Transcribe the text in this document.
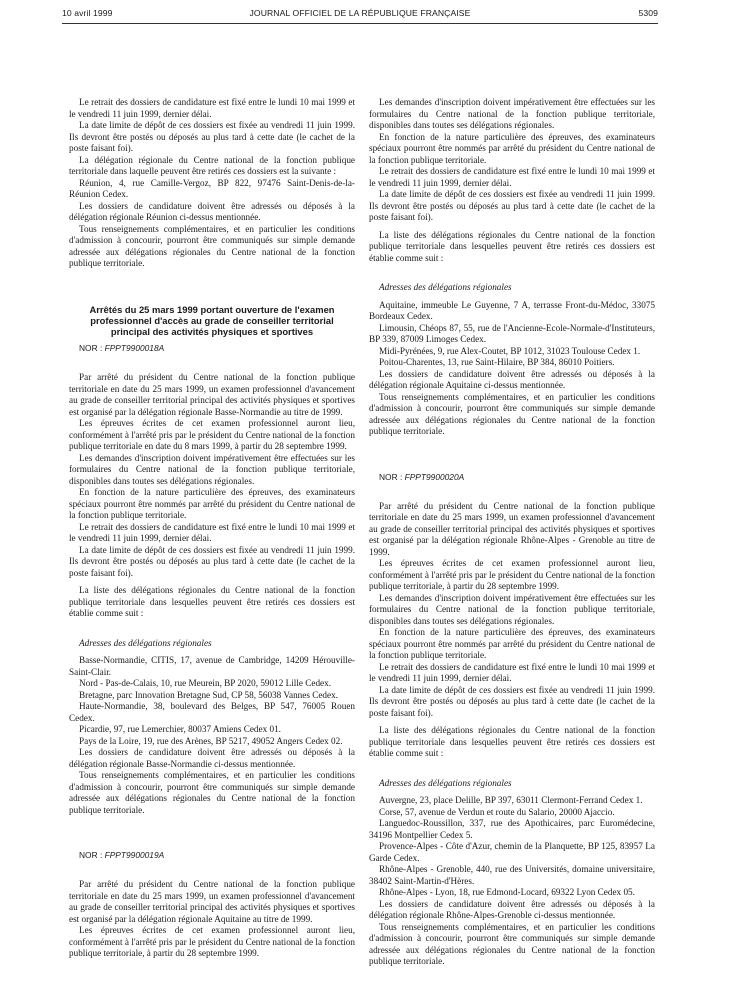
10 avril 1999	JOURNAL OFFICIEL DE LA RÉPUBLIQUE FRANÇAISE	5309

Le retrait des dossiers de candidature est fixé entre le lundi 10 mai 1999 et le vendredi 11 juin 1999, dernier délai.

La date limite de dépôt de ces dossiers est fixée au vendredi 11 juin 1999. Ils devront être postés ou déposés au plus tard à cette date (le cachet de la poste faisant foi).

La délégation régionale du Centre national de la fonction publique territoriale dans laquelle peuvent être retirés ces dossiers est la suivante :

Réunion, 4, rue Camille-Vergoz, BP 822, 97476 Saint-Denis-de-la-Réunion Cedex.

Les dossiers de candidature doivent être adressés ou déposés à la délégation régionale Réunion ci-dessus mentionnée.

Tous renseignements complémentaires, et en particulier les conditions d'admission à concourir, pourront être communiqués sur simple demande adressée aux délégations régionales du Centre national de la fonction publique territoriale.

Arrêtés du 25 mars 1999 portant ouverture de l'examen professionnel d'accès au grade de conseiller territorial principal des activités physiques et sportives

NOR : FPPT9900018A

Par arrêté du président du Centre national de la fonction publique territoriale en date du 25 mars 1999, un examen professionnel d'avancement au grade de conseiller territorial principal des activités physiques et sportives est organisé par la délégation régionale Basse-Normandie au titre de 1999.

Les épreuves écrites de cet examen professionnel auront lieu, conformément à l'arrêté pris par le président du Centre national de la fonction publique territoriale en date du 8 mars 1999, à partir du 28 septembre 1999.

Les demandes d'inscription doivent impérativement être effectuées sur les formulaires du Centre national de la fonction publique territoriale, disponibles dans toutes ses délégations régionales.

En fonction de la nature particulière des épreuves, des examinateurs spéciaux pourront être nommés par arrêté du président du Centre national de la fonction publique territoriale.

Le retrait des dossiers de candidature est fixé entre le lundi 10 mai 1999 et le vendredi 11 juin 1999, dernier délai.

La date limite de dépôt de ces dossiers est fixée au vendredi 11 juin 1999. Ils devront être postés ou déposés au plus tard à cette date (le cachet de la poste faisant foi).

La liste des délégations régionales du Centre national de la fonction publique territoriale dans lesquelles peuvent être retirés ces dossiers est établie comme suit :

Adresses des délégations régionales

Basse-Normandie, CITIS, 17, avenue de Cambridge, 14209 Hérouville-Saint-Clair.

Nord - Pas-de-Calais, 10, rue Meurein, BP 2020, 59012 Lille Cedex.

Bretagne, parc Innovation Bretagne Sud, CP 58, 56038 Vannes Cedex.

Haute-Normandie, 38, boulevard des Belges, BP 547, 76005 Rouen Cedex.

Picardie, 97, rue Lemerchier, 80037 Amiens Cedex 01.

Pays de la Loire, 19, rue des Arènes, BP 5217, 49052 Angers Cedex 02.

Les dossiers de candidature doivent être adressés ou déposés à la délégation régionale Basse-Normandie ci-dessus mentionnée.

Tous renseignements complémentaires, et en particulier les conditions d'admission à concourir, pourront être communiqués sur simple demande adressée aux délégations régionales du Centre national de la fonction publique territoriale.

NOR : FPPT9900019A

Par arrêté du président du Centre national de la fonction publique territoriale en date du 25 mars 1999, un examen professionnel d'avancement au grade de conseiller territorial principal des activités physiques et sportives est organisé par la délégation régionale Aquitaine au titre de 1999.

Les épreuves écrites de cet examen professionnel auront lieu, conformément à l'arrêté pris par le président du Centre national de la fonction publique territoriale, à partir du 28 septembre 1999.

Les demandes d'inscription doivent impérativement être effectuées sur les formulaires du Centre national de la fonction publique territoriale, disponibles dans toutes ses délégations régionales.

En fonction de la nature particulière des épreuves, des examinateurs spéciaux pourront être nommés par arrêté du président du Centre national de la fonction publique territoriale.

Le retrait des dossiers de candidature est fixé entre le lundi 10 mai 1999 et le vendredi 11 juin 1999, dernier délai.

La date limite de dépôt de ces dossiers est fixée au vendredi 11 juin 1999. Ils devront être postés ou déposés au plus tard à cette date (le cachet de la poste faisant foi).

La liste des délégations régionales du Centre national de la fonction publique territoriale dans lesquelles peuvent être retirés ces dossiers est établie comme suit :

Adresses des délégations régionales

Aquitaine, immeuble Le Guyenne, 7 A, terrasse Front-du-Médoc, 33075 Bordeaux Cedex.

Limousin, Chéops 87, 55, rue de l'Ancienne-Ecole-Normale-d'Instituteurs, BP 339, 87009 Limoges Cedex.

Midi-Pyrénées, 9, rue Alex-Coutet, BP 1012, 31023 Toulouse Cedex 1.

Poitou-Charentes, 13, rue Saint-Hilaire, BP 384, 86010 Poitiers.

Les dossiers de candidature doivent être adressés ou déposés à la délégation régionale Aquitaine ci-dessus mentionnée.

Tous renseignements complémentaires, et en particulier les conditions d'admission à concourir, pourront être communiqués sur simple demande adressée aux délégations régionales du Centre national de la fonction publique territoriale.

NOR : FPPT9900020A

Par arrêté du président du Centre national de la fonction publique territoriale en date du 25 mars 1999, un examen professionnel d'avancement au grade de conseiller territorial principal des activités physiques et sportives est organisé par la délégation régionale Rhône-Alpes - Grenoble au titre de 1999.

Les épreuves écrites de cet examen professionnel auront lieu, conformément à l'arrêté pris par le président du Centre national de la fonction publique territoriale, à partir du 28 septembre 1999.

Les demandes d'inscription doivent impérativement être effectuées sur les formulaires du Centre national de la fonction publique territoriale, disponibles dans toutes ses délégations régionales.

En fonction de la nature particulière des épreuves, des examinateurs spéciaux pourront être nommés par arrêté du président du Centre national de la fonction publique territoriale.

Le retrait des dossiers de candidature est fixé entre le lundi 10 mai 1999 et le vendredi 11 juin 1999, dernier délai.

La date limite de dépôt de ces dossiers est fixée au vendredi 11 juin 1999. Ils devront être postés ou déposés au plus tard à cette date (le cachet de la poste faisant foi).

La liste des délégations régionales du Centre national de la fonction publique territoriale dans lesquelles peuvent être retirés ces dossiers est établie comme suit :

Adresses des délégations régionales

Auvergne, 23, place Delille, BP 397, 63011 Clermont-Ferrand Cedex 1.

Corse, 57, avenue de Verdun et route du Salario, 20000 Ajaccio.

Languedoc-Roussillon, 337, rue des Apothicaires, parc Euromédecine, 34196 Montpellier Cedex 5.

Provence-Alpes - Côte d'Azur, chemin de la Planquette, BP 125, 83957 La Garde Cedex.

Rhône-Alpes - Grenoble, 440, rue des Universités, domaine universitaire, 38402 Saint-Martin-d'Hères.

Rhône-Alpes - Lyon, 18, rue Edmond-Locard, 69322 Lyon Cedex 05.

Les dossiers de candidature doivent être adressés ou déposés à la délégation régionale Rhône-Alpes-Grenoble ci-dessus mentionnée.

Tous renseignements complémentaires, et en particulier les conditions d'admission à concourir, pourront être communiqués sur simple demande adressée aux délégations régionales du Centre national de la fonction publique territoriale.
